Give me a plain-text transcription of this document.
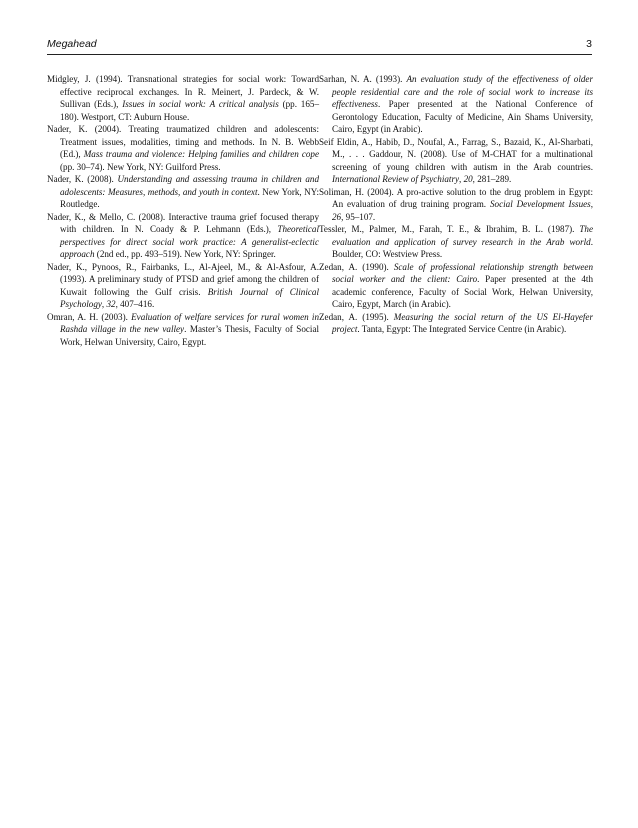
Megahead	3

Midgley, J. (1994). Transnational strategies for social work: Toward effective reciprocal exchanges. In R. Meinert, J. Pardeck, & W. Sullivan (Eds.), Issues in social work: A critical analysis (pp. 165–180). Westport, CT: Auburn House.

Nader, K. (2004). Treating traumatized children and adolescents: Treatment issues, modalities, timing and methods. In N. B. Webb (Ed.), Mass trauma and violence: Helping families and children cope (pp. 30–74). New York, NY: Guilford Press.

Nader, K. (2008). Understanding and assessing trauma in children and adolescents: Measures, methods, and youth in context. New York, NY: Routledge.

Nader, K., & Mello, C. (2008). Interactive trauma grief focused therapy with children. In N. Coady & P. Lehmann (Eds.), Theoretical perspectives for direct social work practice: A generalist-eclectic approach (2nd ed., pp. 493–519). New York, NY: Springer.

Nader, K., Pynoos, R., Fairbanks, L., Al-Ajeel, M., & Al-Asfour, A. (1993). A preliminary study of PTSD and grief among the children of Kuwait following the Gulf crisis. British Journal of Clinical Psychology, 32, 407–416.

Omran, A. H. (2003). Evaluation of welfare services for rural women in Rashda village in the new valley. Master’s Thesis, Faculty of Social Work, Helwan University, Cairo, Egypt.

Sarhan, N. A. (1993). An evaluation study of the effectiveness of older people residential care and the role of social work to increase its effectiveness. Paper presented at the National Conference of Gerontology Education, Faculty of Medicine, Ain Shams University, Cairo, Egypt (in Arabic).

Seif Eldin, A., Habib, D., Noufal, A., Farrag, S., Bazaid, K., Al-Sharbati, M., . . . Gaddour, N. (2008). Use of M-CHAT for a multinational screening of young children with autism in the Arab countries. International Review of Psychiatry, 20, 281–289.

Soliman, H. (2004). A pro-active solution to the drug problem in Egypt: An evaluation of drug training program. Social Development Issues, 26, 95–107.

Tessler, M., Palmer, M., Farah, T. E., & Ibrahim, B. L. (1987). The evaluation and application of survey research in the Arab world. Boulder, CO: Westview Press.

Zedan, A. (1990). Scale of professional relationship strength between social worker and the client: Cairo. Paper presented at the 4th academic conference, Faculty of Social Work, Helwan University, Cairo, Egypt, March (in Arabic).

Zedan, A. (1995). Measuring the social return of the US El-Hayefer project. Tanta, Egypt: The Integrated Service Centre (in Arabic).
